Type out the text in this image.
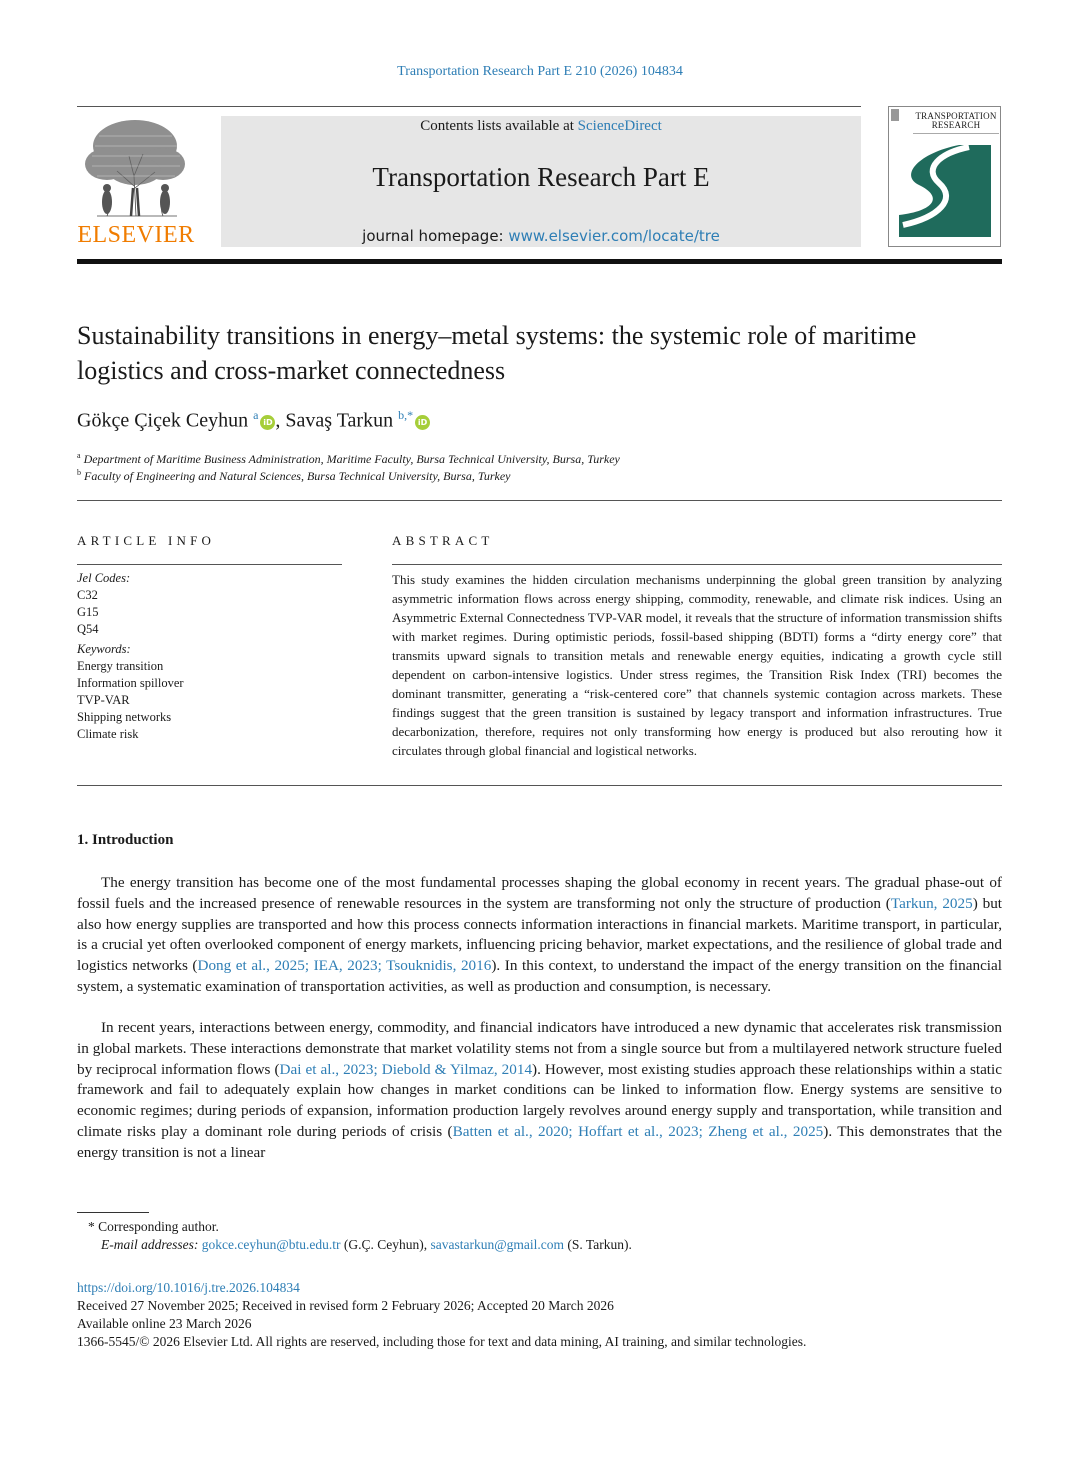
Transportation Research Part E 210 (2026) 104834
ELSEVIER
Contents lists available at ScienceDirect
Transportation Research Part E
journal homepage: www.elsevier.com/locate/tre
TRANSPORTATION RESEARCH
Sustainability transitions in energy–metal systems: the systemic role of maritime logistics and cross-market connectedness
Gökçe Çiçek Ceyhun $^a$iD , Savaş Tarkun $^{b,*}$iD
$^a$ Department of Maritime Business Administration, Maritime Faculty, Bursa Technical University, Bursa, Turkey
$^b$ Faculty of Engineering and Natural Sciences, Bursa Technical University, Bursa, Turkey
ARTICLE INFO	ABSTRACT
Jel Codes:
C32
G15
Q54
Keywords:
Energy transition
Information spillover
TVP-VAR
Shipping networks
Climate risk

This study examines the hidden circulation mechanisms underpinning the global green transition by analyzing asymmetric information flows across energy shipping, commodity, renewable, and climate risk indices. Using an Asymmetric External Connectedness TVP-VAR model, it reveals that the structure of information transmission shifts with market regimes. During optimistic periods, fossil-based shipping (BDTI) forms a “dirty energy core” that transmits upward signals to transition metals and renewable energy equities, indicating a growth cycle still dependent on carbon-intensive logistics. Under stress regimes, the Transition Risk Index (TRI) becomes the dominant transmitter, generating a “risk-centered core” that channels systemic contagion across markets. These findings suggest that the green transition is sustained by legacy transport and information infrastructures. True decarbonization, therefore, requires not only transforming how energy is produced but also rerouting how it circulates through global financial and logistical networks.

1. Introduction

The energy transition has become one of the most fundamental processes shaping the global economy in recent years. The gradual phase-out of fossil fuels and the increased presence of renewable resources in the system are transforming not only the structure of production (Tarkun, 2025) but also how energy supplies are transported and how this process connects information interactions in financial markets. Maritime transport, in particular, is a crucial yet often overlooked component of energy markets, influencing pricing behavior, market expectations, and the resilience of global trade and logistics networks (Dong et al., 2025; IEA, 2023; Tsouknidis, 2016). In this context, to understand the impact of the energy transition on the financial system, a systematic examination of transportation activities, as well as production and consumption, is necessary.

In recent years, interactions between energy, commodity, and financial indicators have introduced a new dynamic that accelerates risk transmission in global markets. These interactions demonstrate that market volatility stems not from a single source but from a multilayered network structure fueled by reciprocal information flows (Dai et al., 2023; Diebold & Yilmaz, 2014). However, most existing studies approach these relationships within a static framework and fail to adequately explain how changes in market conditions can be linked to information flow. Energy systems are sensitive to economic regimes; during periods of expansion, information production largely revolves around energy supply and transportation, while transition and climate risks play a dominant role during periods of crisis (Batten et al., 2020; Hoffart et al., 2023; Zheng et al., 2025). This demonstrates that the energy transition is not a linear

* Corresponding author.
E-mail addresses: gokce.ceyhun@btu.edu.tr (G.Ç. Ceyhun), savastarkun@gmail.com (S. Tarkun).
https://doi.org/10.1016/j.tre.2026.104834
Received 27 November 2025; Received in revised form 2 February 2026; Accepted 20 March 2026
Available online 23 March 2026
1366-5545/© 2026 Elsevier Ltd. All rights are reserved, including those for text and data mining, AI training, and similar technologies.
